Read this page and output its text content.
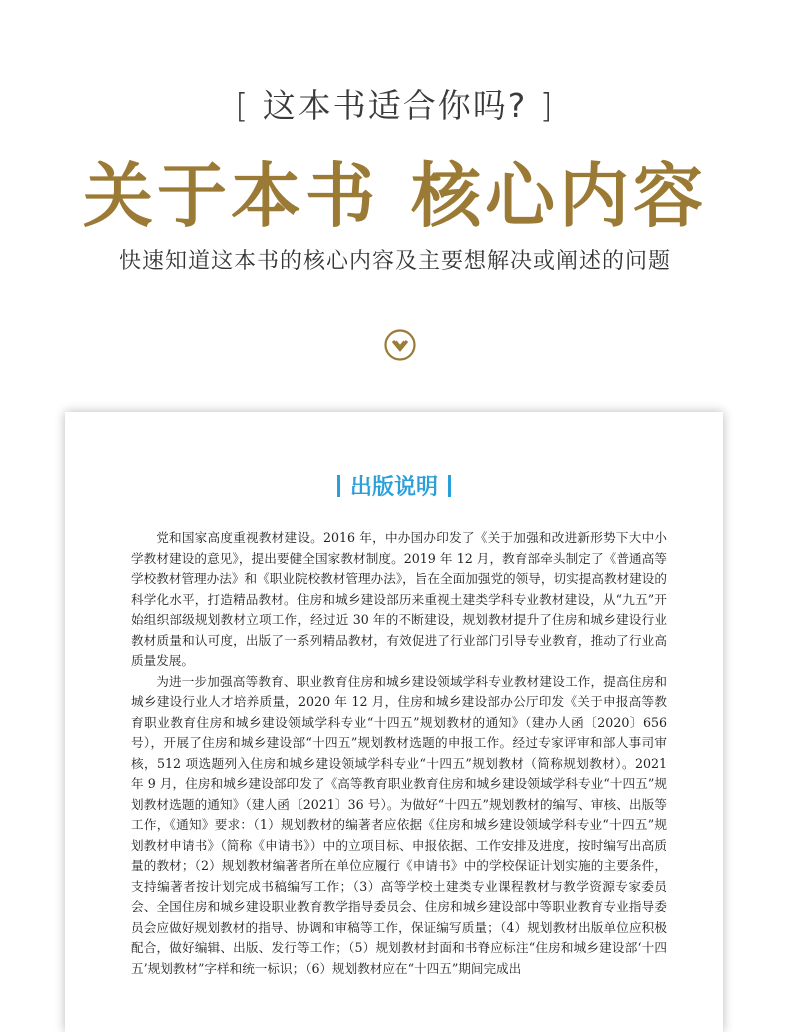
[ 这本书适合你吗? ]
关于本书 核心内容
快速知道这本书的核心内容及主要想解决或阐述的问题
出版说明

党和国家高度重视教材建设。2016 年，中办国办印发了《关于加强和改进新形势下大中小学教材建设的意见》，提出要健全国家教材制度。2019 年 12 月，教育部牵头制定了《普通高等学校教材管理办法》和《职业院校教材管理办法》，旨在全面加强党的领导，切实提高教材建设的科学化水平，打造精品教材。住房和城乡建设部历来重视土建类学科专业教材建设，从“九五”开始组织部级规划教材立项工作，经过近 30 年的不断建设，规划教材提升了住房和城乡建设行业教材质量和认可度，出版了一系列精品教材，有效促进了行业部门引导专业教育，推动了行业高质量发展。

为进一步加强高等教育、职业教育住房和城乡建设领域学科专业教材建设工作，提高住房和城乡建设行业人才培养质量，2020 年 12 月，住房和城乡建设部办公厅印发《关于申报高等教育职业教育住房和城乡建设领域学科专业“十四五”规划教材的通知》（建办人函〔2020〕656 号），开展了住房和城乡建设部“十四五”规划教材选题的申报工作。经过专家评审和部人事司审核，512 项选题列入住房和城乡建设领域学科专业“十四五”规划教材（简称规划教材）。2021 年 9 月，住房和城乡建设部印发了《高等教育职业教育住房和城乡建设领域学科专业“十四五”规划教材选题的通知》（建人函〔2021〕36 号）。为做好“十四五”规划教材的编写、审核、出版等工作，《通知》要求：（1）规划教材的编著者应依据《住房和城乡建设领域学科专业“十四五”规划教材申请书》（简称《申请书》）中的立项目标、申报依据、工作安排及进度，按时编写出高质量的教材；（2）规划教材编著者所在单位应履行《申请书》中的学校保证计划实施的主要条件，支持编著者按计划完成书稿编写工作；（3）高等学校土建类专业课程教材与教学资源专家委员会、全国住房和城乡建设职业教育教学指导委员会、住房和城乡建设部中等职业教育专业指导委员会应做好规划教材的指导、协调和审稿等工作，保证编写质量；（4）规划教材出版单位应积极配合，做好编辑、出版、发行等工作；（5）规划教材封面和书脊应标注“住房和城乡建设部‘十四五’规划教材”字样和统一标识；（6）规划教材应在“十四五”期间完成出
